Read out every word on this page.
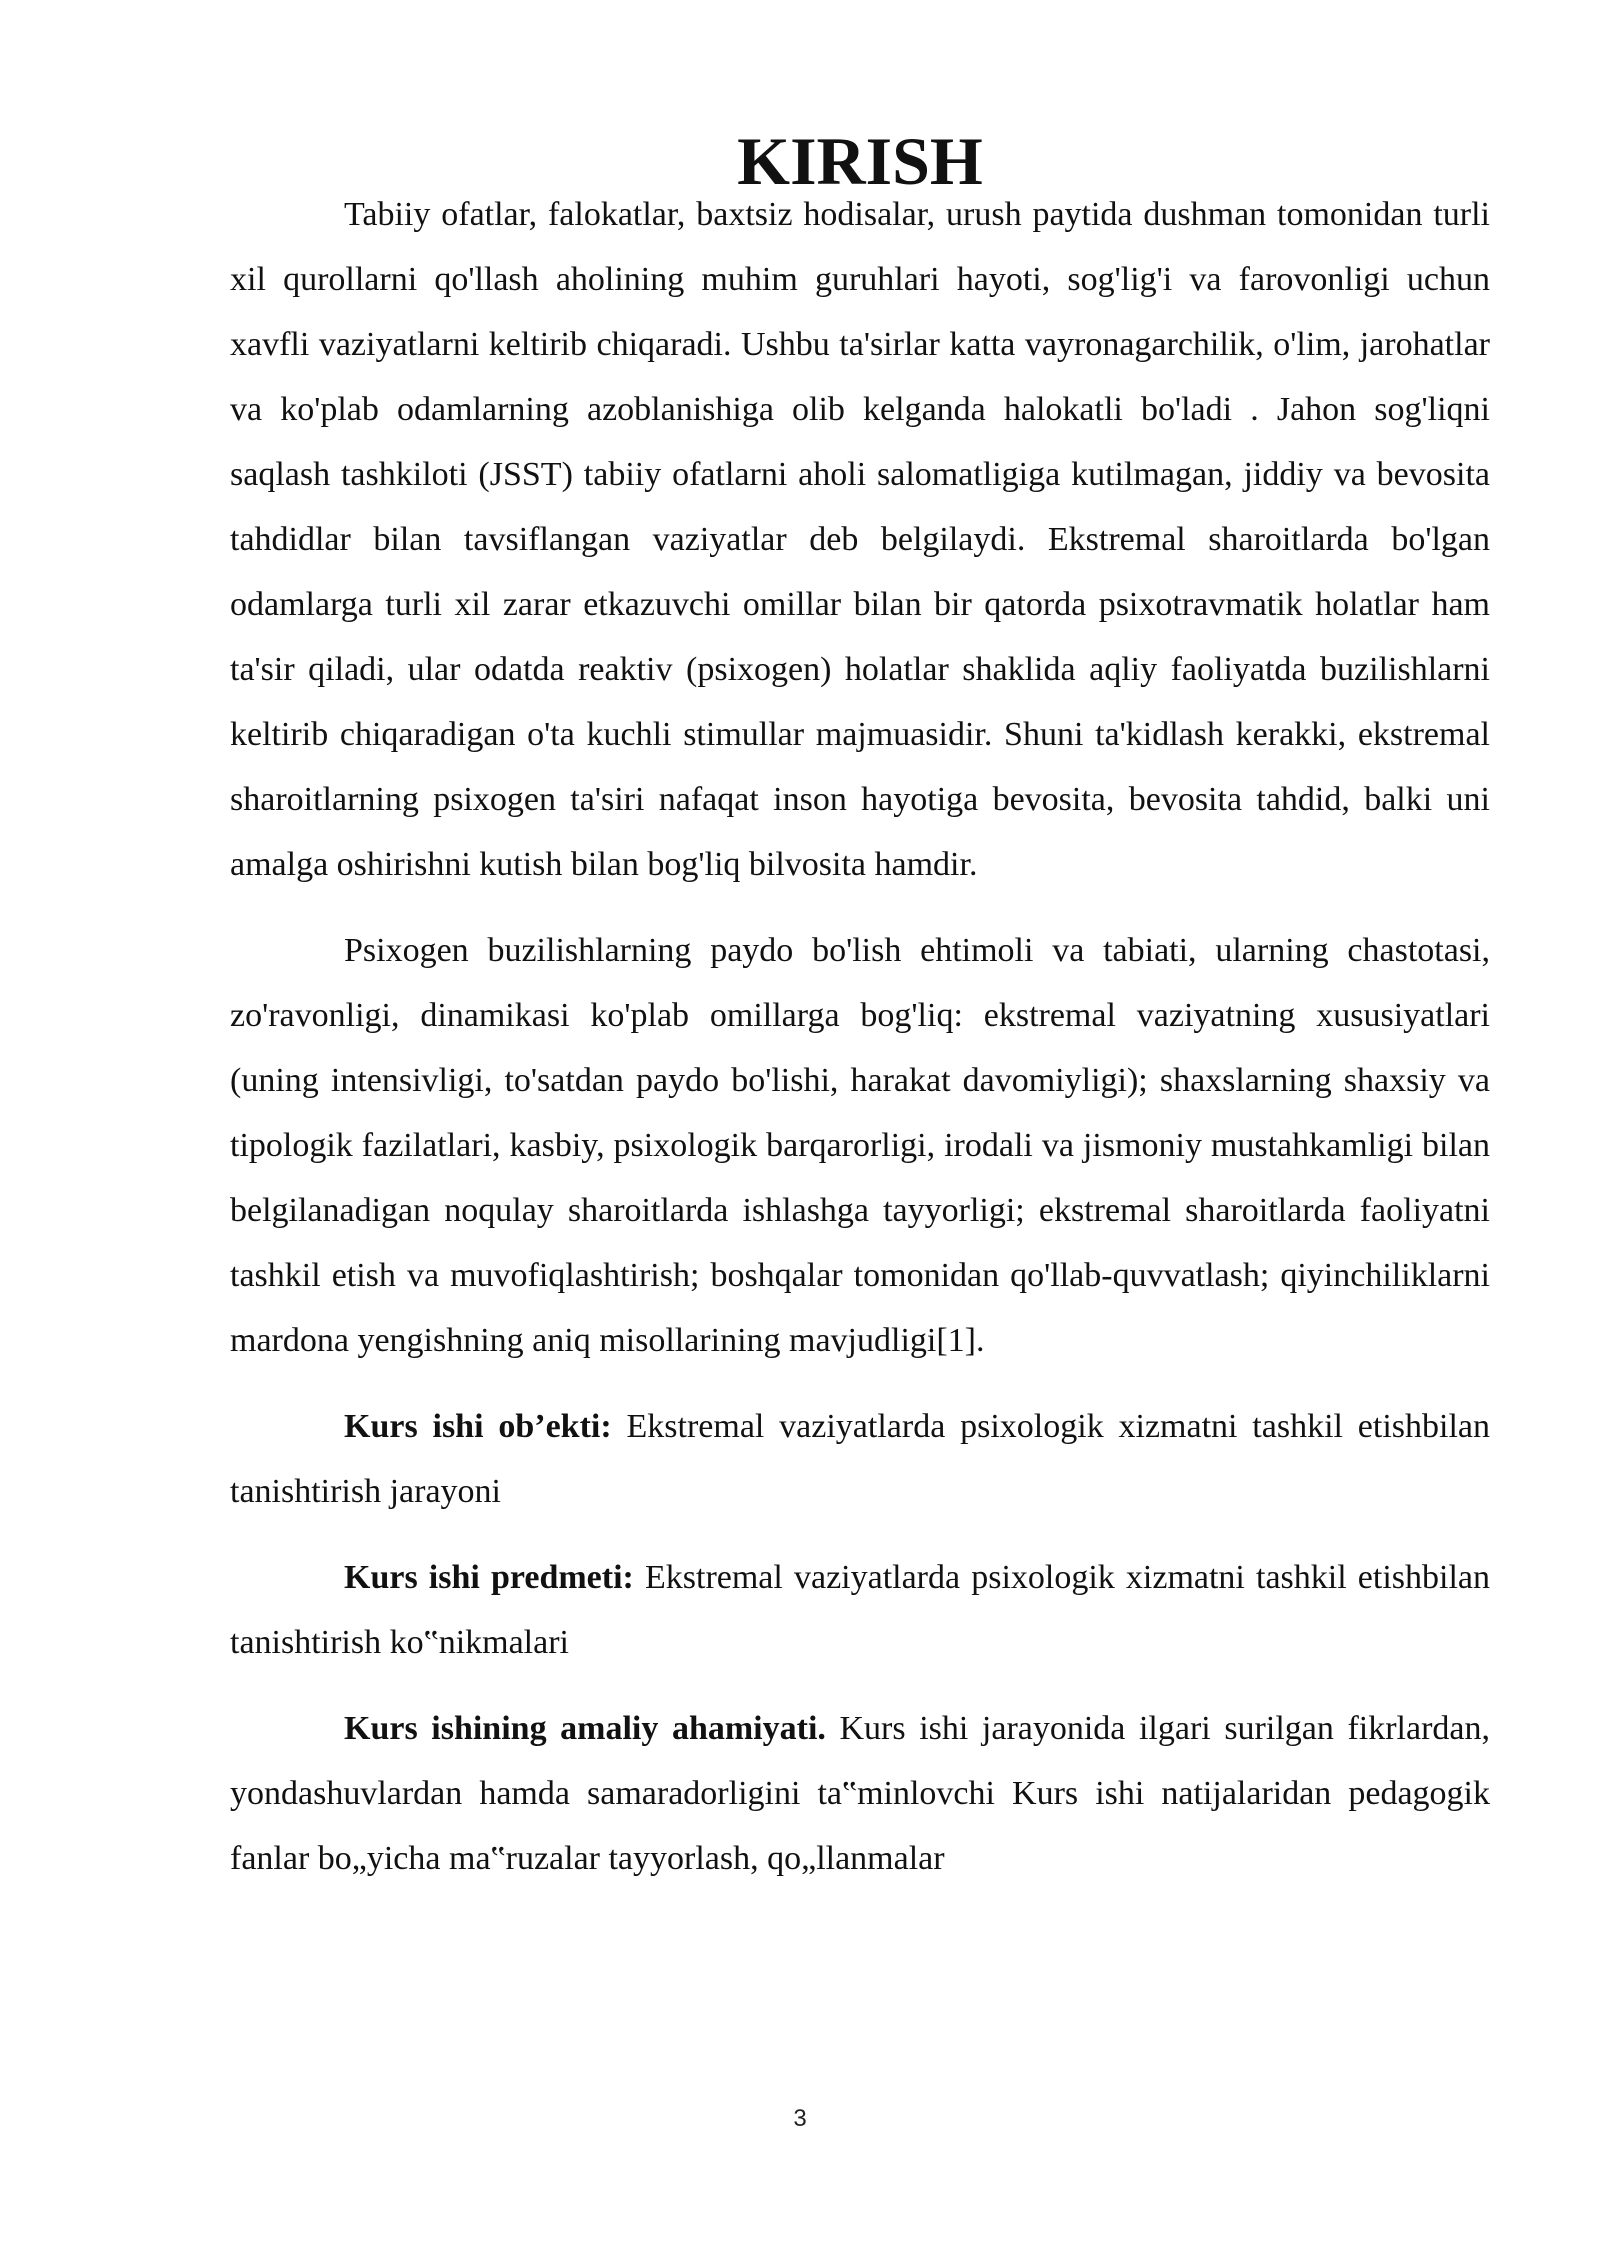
KIRISH

Tabiiy ofatlar, falokatlar, baxtsiz hodisalar, urush paytida dushman tomonidan turli xil qurollarni qo'llash aholining muhim guruhlari hayoti, sog'lig'i va farovonligi uchun xavfli vaziyatlarni keltirib chiqaradi. Ushbu ta'sirlar katta vayronagarchilik, o'lim, jarohatlar va ko'plab odamlarning azoblanishiga olib kelganda halokatli bo'ladi . Jahon sog'liqni saqlash tashkiloti (JSST) tabiiy ofatlarni aholi salomatligiga kutilmagan, jiddiy va bevosita tahdidlar bilan tavsiflangan vaziyatlar deb belgilaydi. Ekstremal sharoitlarda bo'lgan odamlarga turli xil zarar etkazuvchi omillar bilan bir qatorda psixotravmatik holatlar ham ta'sir qiladi, ular odatda reaktiv (psixogen) holatlar shaklida aqliy faoliyatda buzilishlarni keltirib chiqaradigan o'ta kuchli stimullar majmuasidir. Shuni ta'kidlash kerakki, ekstremal sharoitlarning psixogen ta'siri nafaqat inson hayotiga bevosita, bevosita tahdid, balki uni amalga oshirishni kutish bilan bog'liq bilvosita hamdir.

Psixogen buzilishlarning paydo bo'lish ehtimoli va tabiati, ularning chastotasi, zo'ravonligi, dinamikasi ko'plab omillarga bog'liq: ekstremal vaziyatning xususiyatlari (uning intensivligi, to'satdan paydo bo'lishi, harakat davomiyligi); shaxslarning shaxsiy va tipologik fazilatlari, kasbiy, psixologik barqarorligi, irodali va jismoniy mustahkamligi bilan belgilanadigan noqulay sharoitlarda ishlashga tayyorligi; ekstremal sharoitlarda faoliyatni tashkil etish va muvofiqlashtirish; boshqalar tomonidan qo'llab-quvvatlash; qiyinchiliklarni mardona yengishning aniq misollarining mavjudligi[1].

Kurs ishi ob’ekti: Ekstremal vaziyatlarda psixologik xizmatni tashkil etishbilan tanishtirish jarayoni

Kurs ishi predmeti: Ekstremal vaziyatlarda psixologik xizmatni tashkil etishbilan tanishtirish ko‟nikmalari

Kurs ishining amaliy ahamiyati. Kurs ishi jarayonida ilgari surilgan fikrlardan, yondashuvlardan hamda samaradorligini ta‟minlovchi Kurs ishi natijalaridan pedagogik fanlar bo„yicha ma‟ruzalar tayyorlash, qo„llanmalar

3
